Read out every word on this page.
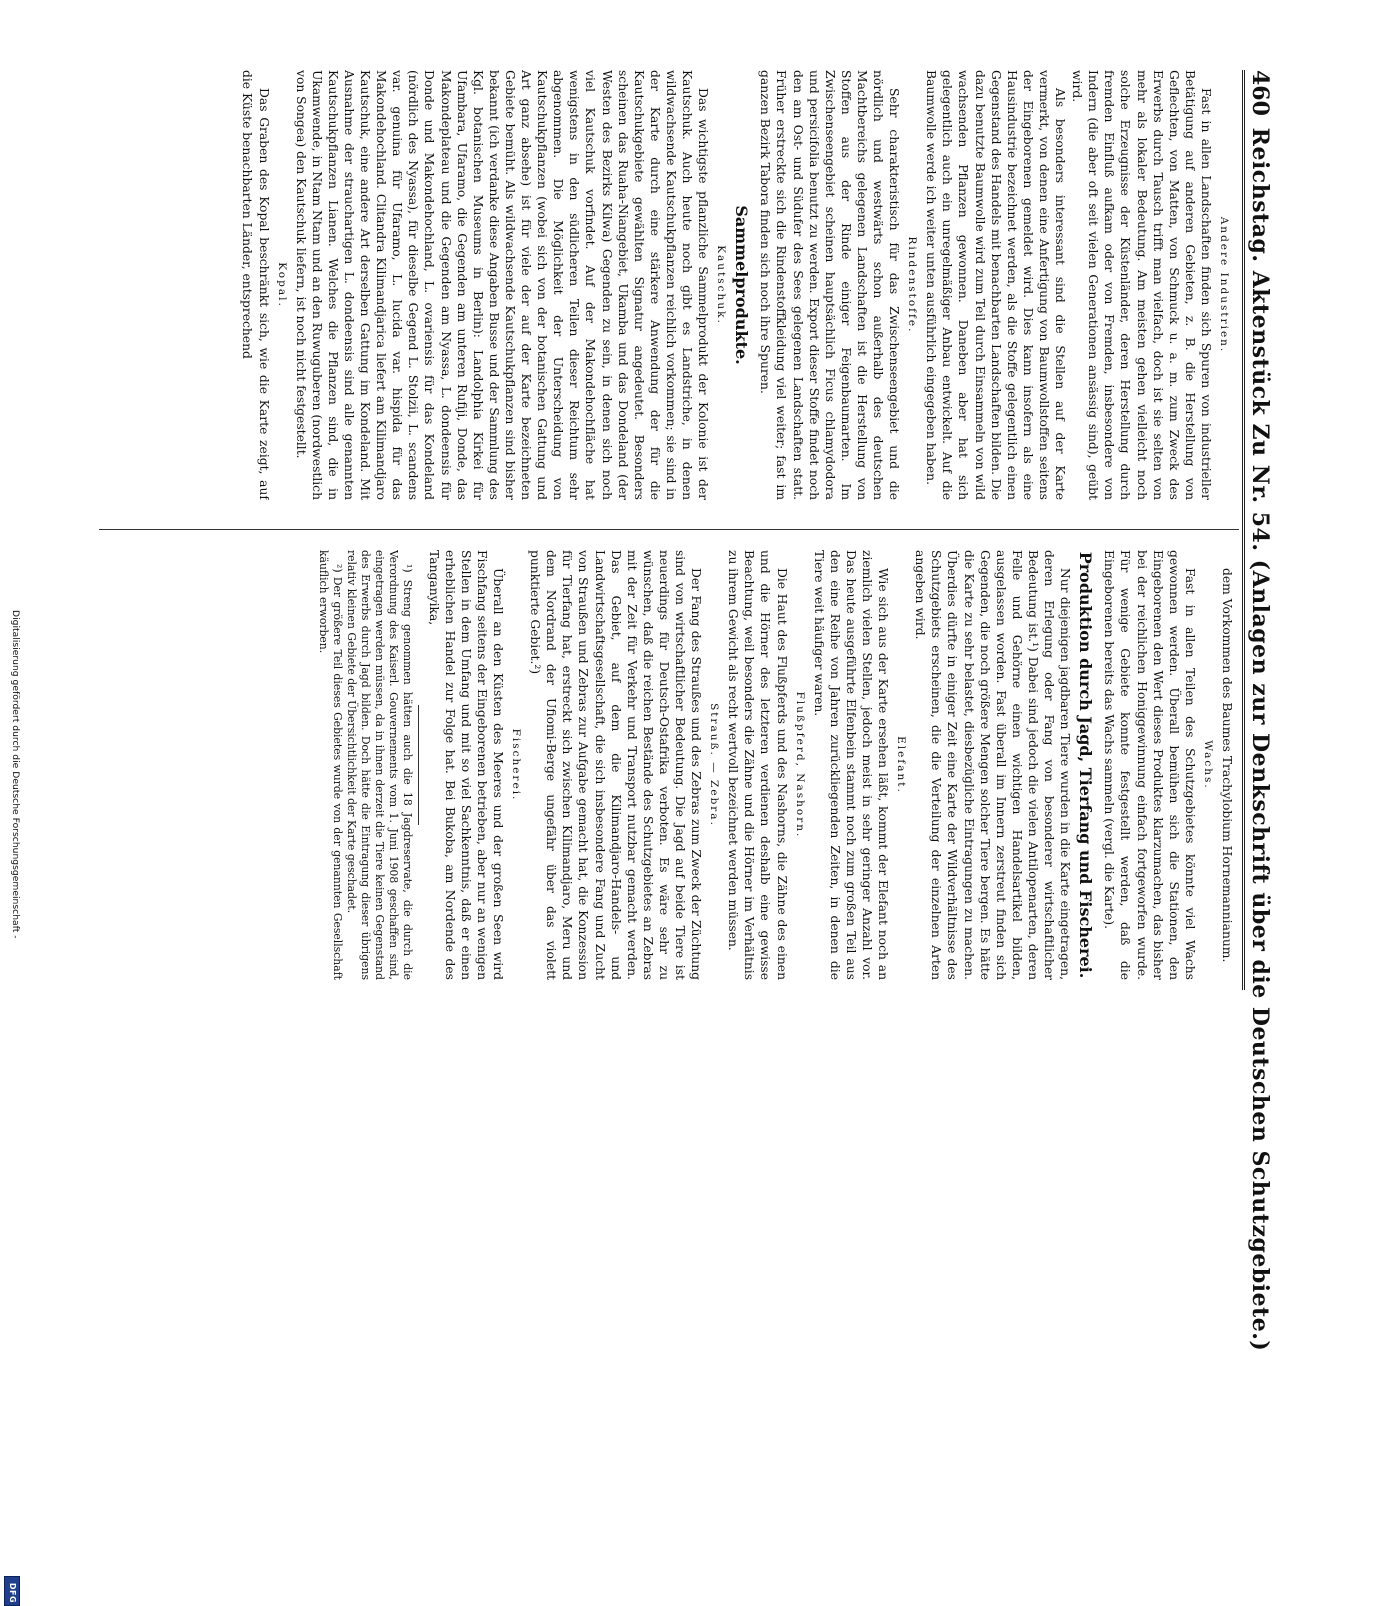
460 Reichstag. Aktenstück Zu Nr. 54. (Anlagen zur Denkschrift über die Deutschen Schutzgebiete.)
Andere Industrien.

Fast in allen Landschaften finden sich Spuren von industrieller Betätigung auf anderen Gebieten, z. B. die Herstellung von Geflechten, von Matten, von Schmuck u. a. m. zum Zweck des Erwerbs durch Tausch trifft man vielfach, doch ist sie selten von mehr als lokaler Bedeutung. Am meisten gehen vielleicht noch solche Erzeugnisse der Küstenländer, deren Herstellung durch fremden Einfluß aufkam oder von Fremden, insbesondere von Indern (die aber oft seit vielen Generationen ansässig sind), geübt wird.

Als besonders interessant sind die Stellen auf der Karte vermerkt, von denen eine Anfertigung von Baumwollstoffen seitens der Eingeborenen gemeldet wird. Dies kann insofern als eine Hausindustrie bezeichnet werden, als die Stoffe gelegentlich einen Gegenstand des Handels mit benachbarten Landschaften bilden. Die dazu benutzte Baumwolle wird zum Teil durch Einsammeln von wild wachsenden Pflanzen gewonnen. Daneben aber hat sich gelegentlich auch ein unregelmäßiger Anbau entwickelt. Auf die Baumwolle werde ich weiter unten ausführlich eingegeben haben.

Rindenstoffe.

Sehr charakteristisch für das Zwischenseengebiet und die nördlich und westwärts schon außerhalb des deutschen Machtbereichs gelegenen Landschaften ist die Herstellung von Stoffen aus der Rinde einiger Feigenbaumarten. Im Zwischenseengebiet scheinen hauptsächlich Ficus chlamydodora und persicifolia benutzt zu werden. Export dieser Stoffe findet noch den am Ost- und Südufer des Sees gelegenen Landschaften statt. Früher erstreckte sich die Rindenstoffkleidung viel weiter; fast im ganzen Bezirk Tabora finden sich noch ihre Spuren.

Sammelprodukte.
Kautschuk.

Das wichtigste pflanzliche Sammelprodukt der Kolonie ist der Kautschuk. Auch heute noch gibt es Landstriche, in denen wildwachsende Kautschukpflanzen reichlich vorkommen; sie sind in der Karte durch eine stärkere Anwendung der für die Kautschukgebiete gewählten Signatur angedeutet. Besonders scheinen das Ruaha-Niangebiet, Ukamba und das Dondeland (der Westen des Bezirks Kilwa) Gegenden zu sein, in denen sich noch viel Kautschuk vorfindet. Auf der Makondehochfläche hat wenigstens in den südlicheren Teilen dieser Reichtum sehr abgenommen. Die Möglichkeit der Unterscheidung von Kautschukpflanzen (wobei sich von der botanischen Gattung und Art ganz absehe) ist für viele der auf der Karte bezeichneten Gebiete bemüht. Als wildwachsende Kautschukpflanzen sind bisher bekannt (ich verdanke diese Angaben Busse und der Sammlung des Kgl. botanischen Museums in Berlin): Landolphia Kirkei für Ufambara, Ufaramo, die Gegenden am unteren Rufiji, Donde, das Makondeplateau und die Gegenden am Nyassa, L. dondeensis für Donde und Makondehochland, L. ovariensis für das Kondeland (nördlich des Nyassa), für dieselbe Gegend L. Stolzii, L. scandens var. genuina für Ufaramo, L. lucida var. hispida für das Makondehochland. Clitandra Kilimandjarica liefert am Kilimandjaro Kautschuk, eine andere Art derselben Gattung im Kondeland. Mit Ausnahme der strauchartigen L. dondeensis sind alle genannten Kautschukpflanzen Lianen. Welches die Pflanzen sind, die in Ukamwende, in Ntam Ntam und an den Ruwuguberen (nordwestlich von Songea) den Kautschuk liefern, ist noch nicht festgestellt.

Kopal.

Das Graben des Kopal beschränkt sich, wie die Karte zeigt, auf die Küste benachbarten Länder, entsprechend

dem Vorkommen des Baumes Trachylobium Hornemannianum.

Wachs.

Fast in allen Teilen des Schutzgebietes könnte viel Wachs gewonnen werden. Überall bemühen sich die Stationen, den Eingeborenen den Wert dieses Produktes klarzumachen, das bisher bei der reichlichen Honiggewinnung einfach fortgeworfen wurde. Für wenige Gebiete konnte festgestellt werden, daß die Eingeborenen bereits das Wachs sammeln (vergl. die Karte).

Produktion durch Jagd, Tierfang und Fischerei.

Nur diejenigen jagdbaren Tiere wurden in die Karte eingetragen, deren Erlegung oder Fang von besonderer wirtschaftlicher Bedeutung ist.¹) Dabei sind jedoch die vielen Antilopenarten, deren Felle und Gehörne einen wichtigen Handelsartikel bilden, ausgelassen worden. Fast überall im Innern zerstreut finden sich Gegenden, die noch größere Mengen solcher Tiere bergen. Es hätte die Karte zu sehr belastet, diesbezügliche Eintragungen zu machen. Überdies dürfte in einiger Zeit eine Karte der Wildverhältnisse des Schutzgebiets erscheinen, die die Verteilung der einzelnen Arten angeben wird.

Elefant.

Wie sich aus der Karte ersehen läßt, kommt der Elefant noch an ziemlich vielen Stellen, jedoch meist in sehr geringer Anzahl vor. Das heute ausgeführte Elfenbein stammt noch zum großen Teil aus den eine Reihe von Jahren zurückliegenden Zeiten, in denen die Tiere weit häufiger waren.

Flußpferd, Nashorn.

Die Haut des Flußpferds und des Nashorns, die Zähne des einen und die Hörner des letzteren verdienen deshalb eine gewisse Beachtung, weil besonders die Zähne und die Hörner im Verhältnis zu ihrem Gewicht als recht wertvoll bezeichnet werden müssen.

Strauß. — Zebra.

Der Fang des Straußes und des Zebras zum Zweck der Züchtung sind von wirtschaftlicher Bedeutung. Die Jagd auf beide Tiere ist neuerdings für Deutsch-Ostafrika verboten. Es wäre sehr zu wünschen, daß die reichen Bestände des Schutzgebietes an Zebras mit der Zeit für Verkehr und Transport nutzbar gemacht werden. Das Gebiet, auf dem die Kilimandjaro-Handels- und Landwirtschaftsgesellschaft, die sich insbesondere Fang und Zucht von Straußen und Zebras zur Aufgabe gemacht hat, die Konzession für Tierfang hat, erstreckt sich zwischen Kilimandjaro, Meru und dem Nordrand der Ufiomi-Berge ungefähr über das violett punktierte Gebiet.²)

Fischerei.

Überall an den Küsten des Meeres und der großen Seen wird Fischfang seitens der Eingeborenen betrieben, aber nur an wenigen Stellen in dem Umfang und mit so viel Sachkenntnis, daß er einen erheblichen Handel zur Folge hat. Bei Bukoba, am Nordende des Tanganyika,

¹) Streng genommen hätten auch die 18 Jagdreservate, die durch die Verordnung des Kaiserl. Gouvernements vom 1. Juni 1908 geschaffen sind, eingetragen werden müssen, da in ihnen derzeit die Tiere keinen Gegenstand des Erwerbs durch Jagd bilden. Doch hätte die Eintragung dieser übrigens relativ kleinen Gebiete der Übersichtlichkeit der Karte geschadet.

²) Der größere Teil dieses Gebietes wurde von der genannten Gesellschaft käuflich erworben.

Digitalisierung gefördert durch die Deutsche Forschungsgemeinschaft -
DFG
